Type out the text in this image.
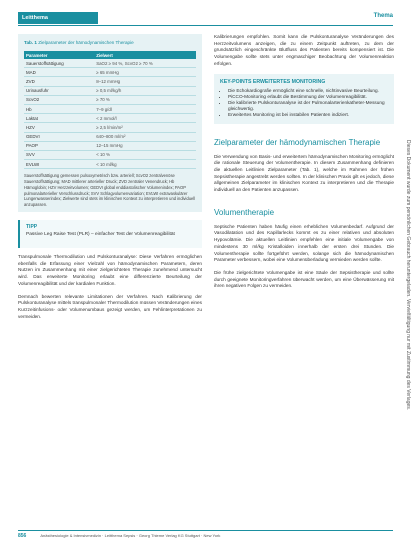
Leitthema	Thema
Dieses Dokument wurde zum persönlichen Gebrauch heruntergeladen. Vervielfältigung nur mit Zustimmung des Verlages.
Tab. 1 Zielparameter der hämodynamischen Therapie
Parameter	Zielwert
Sauerstoffsättigung	SaO2 ≥ 94 %, ScvO2 ≥ 70 %
MAD	≥ 65 mmHg
ZVD	8–12 mmHg
Urinausfuhr	≥ 0,5 ml/kg/h
ScvO2	≥ 70 %
Hb	7–9 g/dl
Laktat	< 2 mmol/l
HZV	≥ 2,5 l/min/m²
GEDVI	640–800 ml/m²
PAOP	12–15 mmHg
SVV	< 10 %
EVLWI	< 10 ml/kg
Sauerstoffsättigung gemessen pulsoxymetrisch bzw. arteriell; ScvO2 zentralvenöse Sauerstoffsättigung; MAD mittlerer arterieller Druck; ZVD zentraler Venendruck; Hb Hämoglobin; HZV Herzzeitvolumen; GEDVI global enddiastolischer Volumenindex; PAOP pulmonalarterieller Verschlussdruck; SVV Schlagvolumenvariation; EVLWI extravaskulärer Lungenwasserindex; Zielwerte sind stets im klinischen Kontext zu interpretieren und individuell anzupassen.
TIPP
Passive Leg Raise Test (PLR) – einfacher Test der Volumenreagibilität
Transpulmonale Thermodilution und Pulskonturanalyse: Diese Verfahren ermöglichen ebenfalls die Erfassung einer Vielzahl von hämodynamischen Parametern, deren Nutzen im Zusammenhang mit einer zielgerichteten Therapie zunehmend untersucht wird. Das erweiterte Monitoring erlaubt eine differenzierte Beurteilung der Volumenreagibilität und der kardialen Funktion.
Demnach bewerten relevante Limitationen der Verfahren. Nach Kalibrierung der Pulskonturanalyse mittels transpulmonaler Thermodilution müssen Veränderungen eines Kurzzeitinfusions- oder Volumenumbaus gezeigt werden, um Fehlinterpretationen zu vermeiden.
Kalibrierungen empfohlen. Somit kann die Pulskonturanalyse Veränderungen des Herzzeitvolumens anzeigen, die zu einem Zeitpunkt auftreten, zu dem der grundsätzlich eingeschränkte Blutfluss des Patienten bereits kompensiert ist. Die Volumengabe sollte stets unter engmaschiger Beobachtung der Volumenreaktion erfolgen.
KEY-POINTS ERWEITERTES MONITORING
• Die Echokardiografie ermöglicht eine schnelle, nichtinvasive Beurteilung.
• PiCCO-Monitoring erlaubt die Bestimmung der Volumenreagibilität.
• Die kalibrierte Pulskonturanalyse ist der Pulmonalarterienkatheter-Messung gleichwertig.
• Erweitertes Monitoring ist bei instabilen Patienten indiziert.
Zielparameter der hämodynamischen Therapie
Die Verwendung von Basis- und erweitertem hämodynamischen Monitoring ermöglicht die rationale Steuerung der Volumentherapie. In diesem Zusammenhang definieren die aktuellen Leitlinien Zielparameter (Tab. 1), welche im Rahmen der frühen Sepsistherapie angestrebt werden sollten. In der klinischen Praxis gilt es jedoch, diese allgemeinen Zielparameter im klinischen Kontext zu interpretieren und die Therapie individuell an den Patienten anzupassen.
Volumentherapie
Septische Patienten haben häufig einen erheblichen Volumenbedarf. Aufgrund der Vasodilatation und des Kapillarlecks kommt es zu einer relativen und absoluten Hypovolämie. Die aktuellen Leitlinien empfehlen eine initiale Volumengabe von mindestens 30 ml/kg Kristalloiden innerhalb der ersten drei Stunden. Die Volumentherapie sollte fortgeführt werden, solange sich die hämodynamischen Parameter verbessern, wobei eine Volumenüberladung vermieden werden sollte.
Die frühe zielgerichtete Volumengabe ist eine Säule der Sepsistherapie und sollte durch geeignete Monitoringverfahren überwacht werden, um eine Überwässerung mit ihren negativen Folgen zu vermeiden.
856	Anästhesiologie & Intensivmedizin · Leitthema Sepsis · Georg Thieme Verlag KG Stuttgart · New York
